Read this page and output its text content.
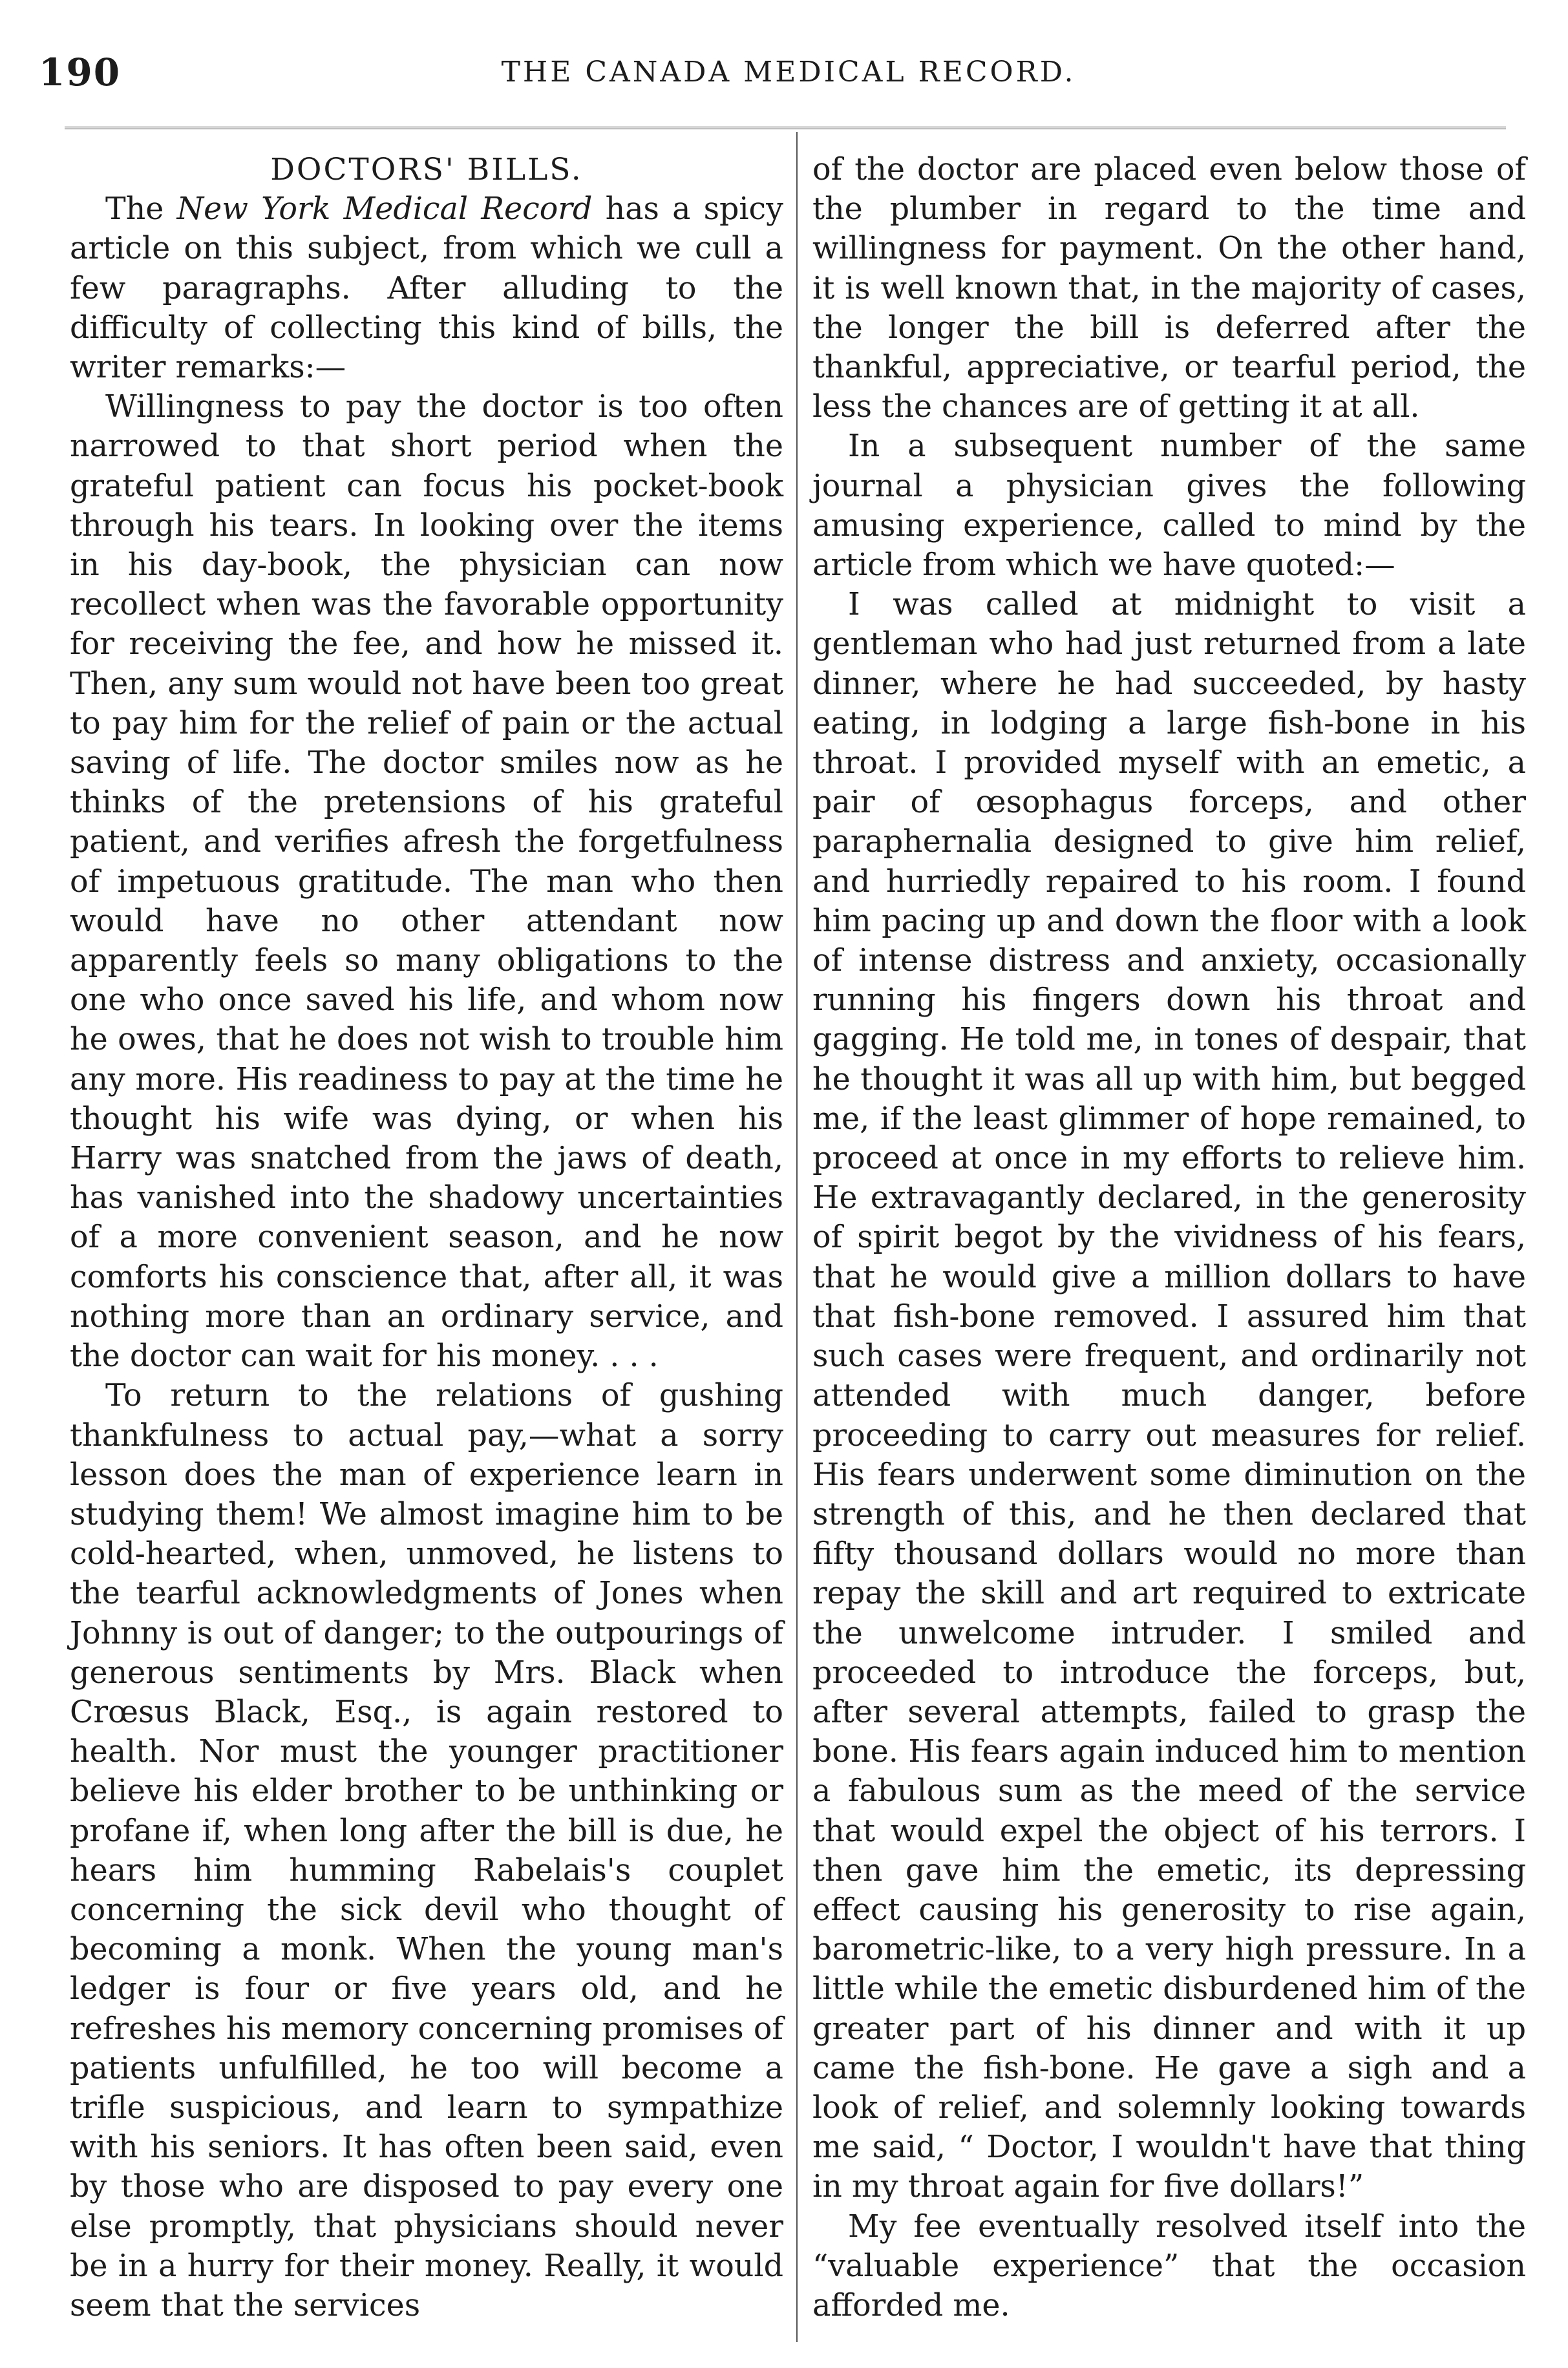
190	THE CANADA MEDICAL RECORD.
DOCTORS' BILLS.

The New York Medical Record has a spicy article on this subject, from which we cull a few paragraphs. After alluding to the difficulty of collecting this kind of bills, the writer remarks:—

Willingness to pay the doctor is too often narrowed to that short period when the grateful patient can focus his pocket-book through his tears. In looking over the items in his day-book, the physician can now recollect when was the favorable opportunity for receiving the fee, and how he missed it. Then, any sum would not have been too great to pay him for the relief of pain or the actual saving of life. The doctor smiles now as he thinks of the pretensions of his grateful patient, and verifies afresh the forgetfulness of impetuous gratitude. The man who then would have no other attendant now apparently feels so many obligations to the one who once saved his life, and whom now he owes, that he does not wish to trouble him any more. His readiness to pay at the time he thought his wife was dying, or when his Harry was snatched from the jaws of death, has vanished into the shadowy uncertainties of a more convenient season, and he now comforts his conscience that, after all, it was nothing more than an ordinary service, and the doctor can wait for his money. . . .

To return to the relations of gushing thankfulness to actual pay,—what a sorry lesson does the man of experience learn in studying them! We almost imagine him to be cold-hearted, when, unmoved, he listens to the tearful acknowledgments of Jones when Johnny is out of danger; to the outpourings of generous sentiments by Mrs. Black when Crœsus Black, Esq., is again restored to health. Nor must the younger practitioner believe his elder brother to be unthinking or profane if, when long after the bill is due, he hears him humming Rabelais's couplet concerning the sick devil who thought of becoming a monk. When the young man's ledger is four or five years old, and he refreshes his memory concerning promises of patients unfulfilled, he too will become a trifle suspicious, and learn to sympathize with his seniors. It has often been said, even by those who are disposed to pay every one else promptly, that physicians should never be in a hurry for their money. Really, it would seem that the services

of the doctor are placed even below those of the plumber in regard to the time and willingness for payment. On the other hand, it is well known that, in the majority of cases, the longer the bill is deferred after the thankful, appreciative, or tearful period, the less the chances are of getting it at all.

In a subsequent number of the same journal a physician gives the following amusing experience, called to mind by the article from which we have quoted:—

I was called at midnight to visit a gentleman who had just returned from a late dinner, where he had succeeded, by hasty eating, in lodging a large fish-bone in his throat. I provided myself with an emetic, a pair of œsophagus forceps, and other paraphernalia designed to give him relief, and hurriedly repaired to his room. I found him pacing up and down the floor with a look of intense distress and anxiety, occasionally running his fingers down his throat and gagging. He told me, in tones of despair, that he thought it was all up with him, but begged me, if the least glimmer of hope remained, to proceed at once in my efforts to relieve him. He extravagantly declared, in the generosity of spirit begot by the vividness of his fears, that he would give a million dollars to have that fish-bone removed. I assured him that such cases were frequent, and ordinarily not attended with much danger, before proceeding to carry out measures for relief. His fears underwent some diminution on the strength of this, and he then declared that fifty thousand dollars would no more than repay the skill and art required to extricate the unwelcome intruder. I smiled and proceeded to introduce the forceps, but, after several attempts, failed to grasp the bone. His fears again induced him to mention a fabulous sum as the meed of the service that would expel the object of his terrors. I then gave him the emetic, its depressing effect causing his generosity to rise again, barometric-like, to a very high pressure. In a little while the emetic disburdened him of the greater part of his dinner and with it up came the fish-bone. He gave a sigh and a look of relief, and solemnly looking towards me said, “ Doctor, I wouldn't have that thing in my throat again for five dollars!”

My fee eventually resolved itself into the “valuable experience” that the occasion afforded me.
